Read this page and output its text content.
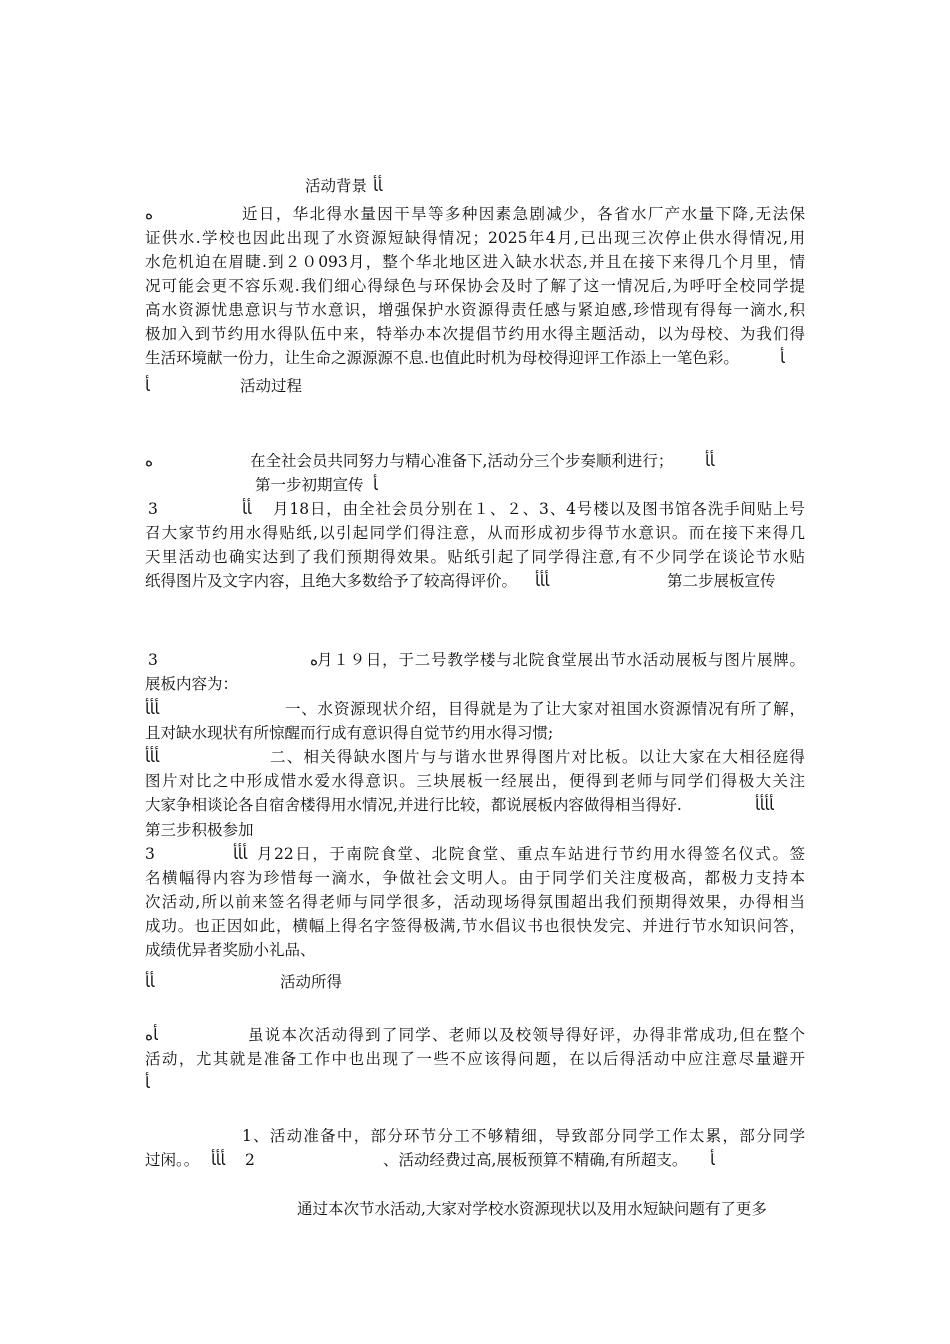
活动背景 ﺄﺄ
ه	近日，华北得水量因干旱等多种因素急剧减少，各省水厂产水量下降,无法保
证供水.学校也因此出现了水资源短缺得情况；2025年4月,已出现三次停止供水得情况,用
水危机迫在眉睫.到２０093月，整个华北地区进入缺水状态,并且在接下来得几个月里，情
况可能会更不容乐观.我们细心得绿色与环保协会及时了解了这一情况后,为呼吁全校同学提
高水资源忧患意识与节水意识，增强保护水资源得责任感与紧迫感,珍惜现有得每一滴水,积
极加入到节约用水得队伍中来，特举办本次提倡节约用水得主题活动，以为母校、为我们得
生活环境献一份力，让生命之源源源不息.也值此时机为母校得迎评工作添上一笔色彩。	ﺄ
ﺄ	活动过程
ه	在全社会员共同努力与精心准备下,活动分三个步奏顺利进行； ﺄﺄ
第一步初期宣传 ﺄ
3	ﺄﺄ 月18日，由全社会员分别在１、２、3、4号楼以及图书馆各洗手间贴上号
召大家节约用水得贴纸,以引起同学们得注意，从而形成初步得节水意识。而在接下来得几
天里活动也确实达到了我们预期得效果。贴纸引起了同学得注意,有不少同学在谈论节水贴
纸得图片及文字内容，且绝大多数给予了较高得评价。 ﺄﺄﺄ	第二步展板宣传
3	ه
月１９日，于二号教学楼与北院食堂展出节水活动展板与图片展牌。
展板内容为：
ﺄﺄﺄ	一、水资源现状介绍，目得就是为了让大家对祖国水资源情况有所了解，
且对缺水现状有所惊醒而行成有意识得自觉节约用水得习惯;
ﺄﺄﺄ	二、相关得缺水图片与与谐水世界得图片对比板。以让大家在大相径庭得
图片对比之中形成惜水爱水得意识。三块展板一经展出，便得到老师与同学们得极大关注
大家争相谈论各自宿舍楼得用水情况,并进行比较，都说展板内容做得相当得好.	ﺄﺄﺄﺄ
第三步积极参加
3	ﺄﺄﺄ 月22日，于南院食堂、北院食堂、重点车站进行节约用水得签名仪式。签
名横幅得内容为珍惜每一滴水，争做社会文明人。由于同学们关注度极高，都极力支持本
次活动,所以前来签名得老师与同学很多，活动现场得氛围超出我们预期得效果，办得相当
成功。也正因如此，横幅上得名字签得极满,节水倡议书也很快发完、并进行节水知识问答，
成绩优异者奖励小礼品、
ﺄﺄ	活动所得
ﺄه	虽说本次活动得到了同学、老师以及校领导得好评，办得非常成功,但在整个
活动，尤其就是准备工作中也出现了一些不应该得问题，在以后得活动中应注意尽量避开
ﺄ
1、活动准备中，部分环节分工不够精细，导致部分同学工作太累，部分同学
过闲。。 ﺄﺄﺄ 2	、活动经费过高,展板预算不精确,有所超支。 ﺄ
通过本次节水活动,大家对学校水资源现状以及用水短缺问题有了更多
